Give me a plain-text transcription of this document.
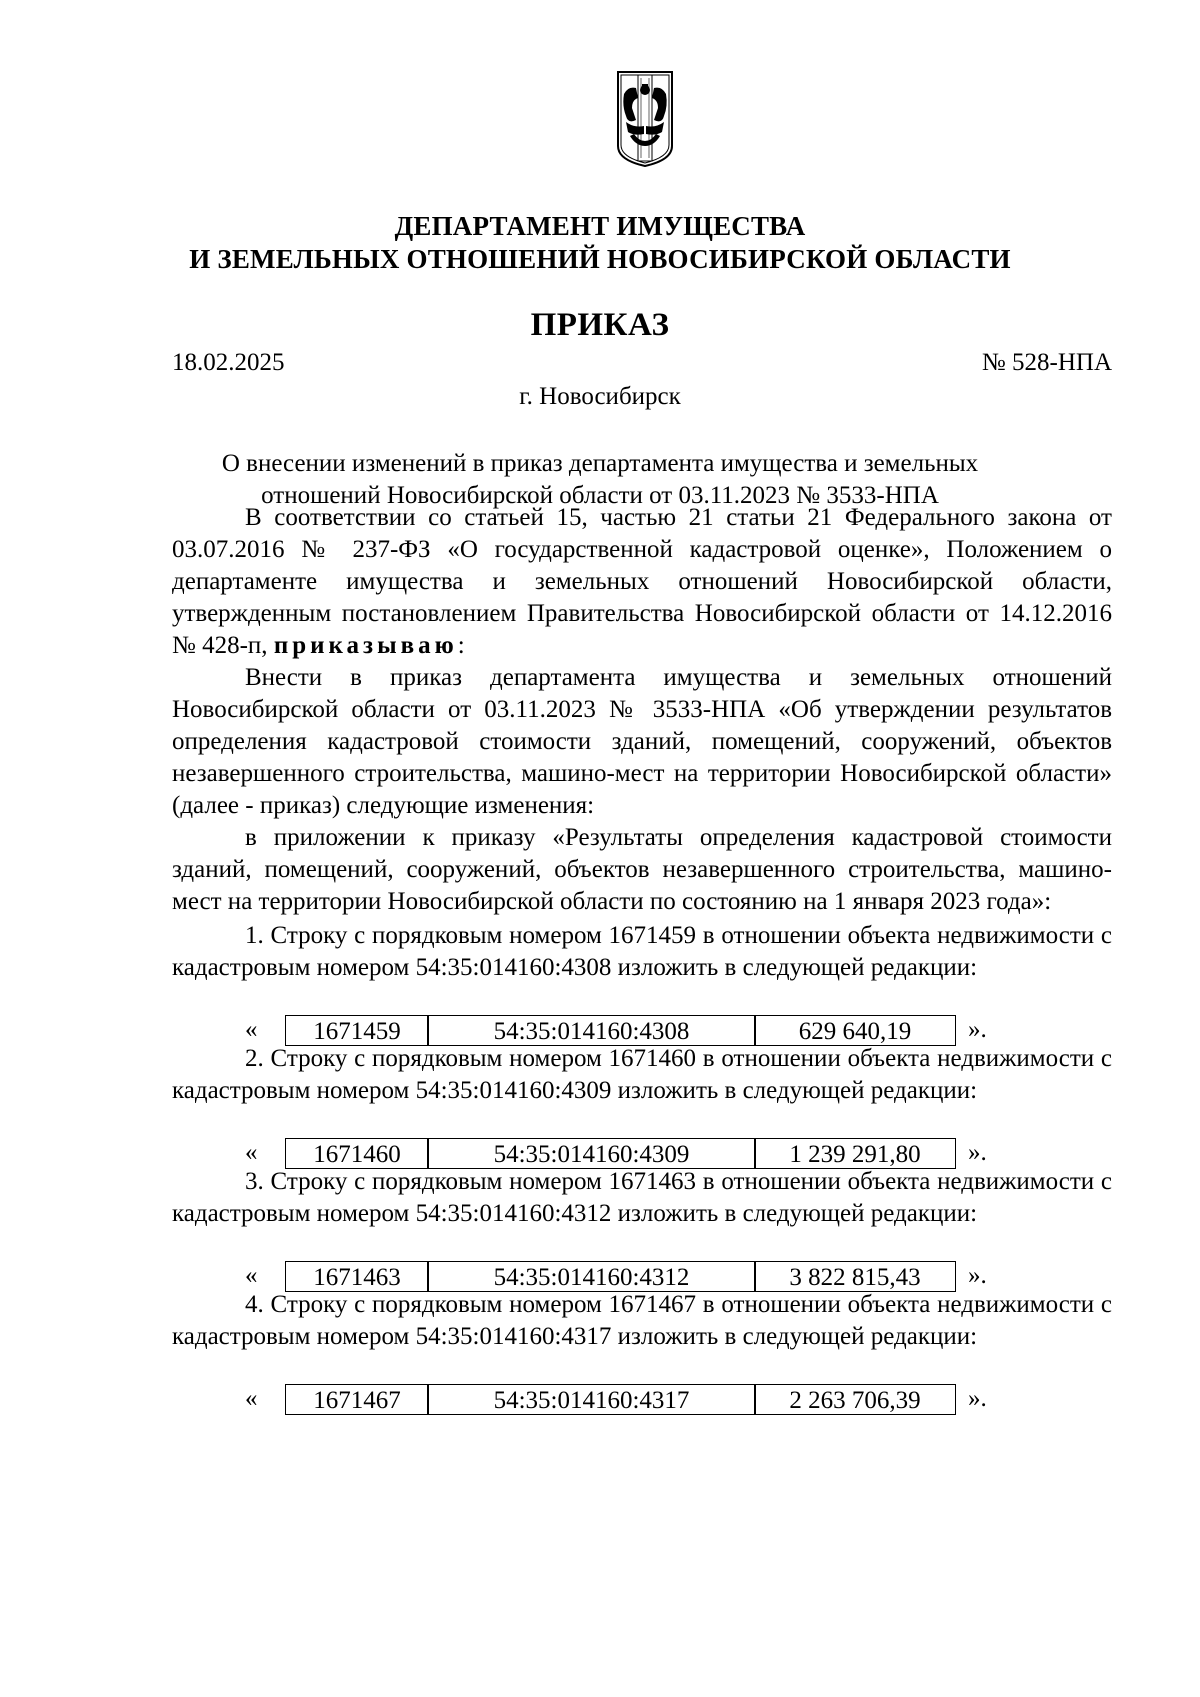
ДЕПАРТАМЕНТ ИМУЩЕСТВА
И ЗЕМЕЛЬНЫХ ОТНОШЕНИЙ НОВОСИБИРСКОЙ ОБЛАСТИ
ПРИКАЗ
18.02.2025	№ 528-НПА
г. Новосибирск
О внесении изменений в приказ департамента имущества и земельных
отношений Новосибирской области от 03.11.2023 № 3533-НПА

В соответствии со статьей 15, частью 21 статьи 21 Федерального закона от 03.07.2016 № 237-ФЗ «О государственной кадастровой оценке», Положением о департаменте имущества и земельных отношений Новосибирской области, утвержденным постановлением Правительства Новосибирской области от 14.12.2016 № 428-п, приказываю:

Внести в приказ департамента имущества и земельных отношений Новосибирской области от 03.11.2023 № 3533-НПА «Об утверждении результатов определения кадастровой стоимости зданий, помещений, сооружений, объектов незавершенного строительства, машино-мест на территории Новосибирской области» (далее - приказ) следующие изменения:

в приложении к приказу «Результаты определения кадастровой стоимости зданий, помещений, сооружений, объектов незавершенного строительства, машино-мест на территории Новосибирской области по состоянию на 1 января 2023 года»:

1. Строку с порядковым номером 1671459 в отношении объекта недвижимости с кадастровым номером 54:35:014160:4308 изложить в следующей редакции:

«	1671459	54:35:014160:4308	629 640,19	».

2. Строку с порядковым номером 1671460 в отношении объекта недвижимости с кадастровым номером 54:35:014160:4309 изложить в следующей редакции:

«	1671460	54:35:014160:4309	1 239 291,80	».

3. Строку с порядковым номером 1671463 в отношении объекта недвижимости с кадастровым номером 54:35:014160:4312 изложить в следующей редакции:

«	1671463	54:35:014160:4312	3 822 815,43	».

4. Строку с порядковым номером 1671467 в отношении объекта недвижимости с кадастровым номером 54:35:014160:4317 изложить в следующей редакции:

«	1671467	54:35:014160:4317	2 263 706,39	».
